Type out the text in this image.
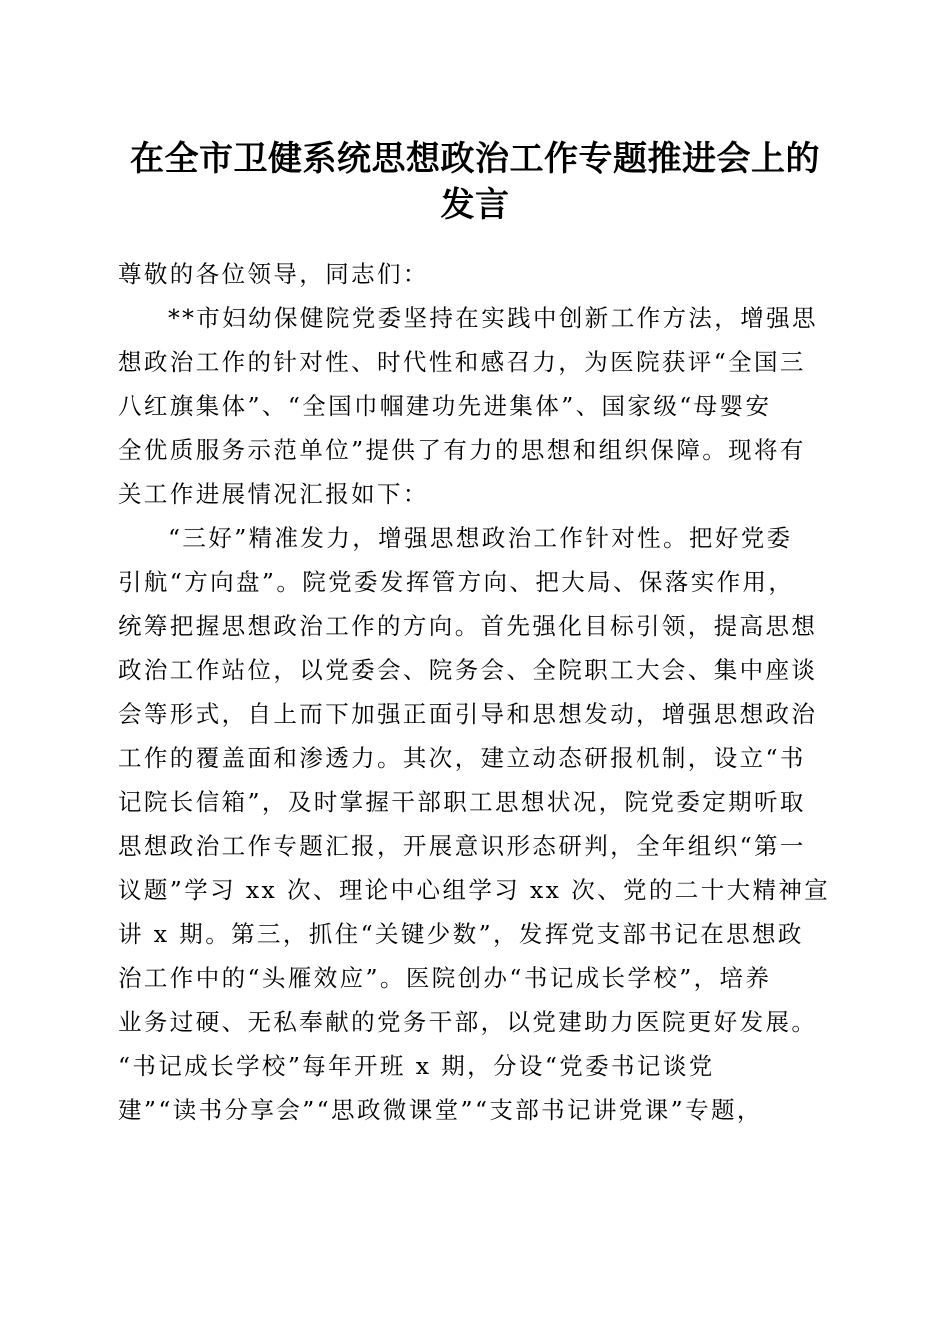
在全市卫健系统思想政治工作专题推进会上的
发言
尊敬的各位领导，同志们：
**市妇幼保健院党委坚持在实践中创新工作方法，增强思
想政治工作的针对性、时代性和感召力，为医院获评“全国三
八红旗集体”、“全国巾帼建功先进集体”、国家级“母婴安
全优质服务示范单位”提供了有力的思想和组织保障。现将有
关工作进展情况汇报如下：
“三好”精准发力，增强思想政治工作针对性。把好党委
引航“方向盘”。院党委发挥管方向、把大局、保落实作用，
统筹把握思想政治工作的方向。首先强化目标引领，提高思想
政治工作站位，以党委会、院务会、全院职工大会、集中座谈
会等形式，自上而下加强正面引导和思想发动，增强思想政治
工作的覆盖面和渗透力。其次，建立动态研报机制，设立“书
记院长信箱”，及时掌握干部职工思想状况，院党委定期听取
思想政治工作专题汇报，开展意识形态研判，全年组织“第一
议题”学习 xx 次、理论中心组学习 xx 次、党的二十大精神宣
讲 x 期。第三，抓住“关键少数”，发挥党支部书记在思想政
治工作中的“头雁效应”。医院创办“书记成长学校”，培养
业务过硬、无私奉献的党务干部，以党建助力医院更好发展。
“书记成长学校”每年开班 x 期，分设“党委书记谈党
建”“读书分享会”“思政微课堂”“支部书记讲党课”专题，
